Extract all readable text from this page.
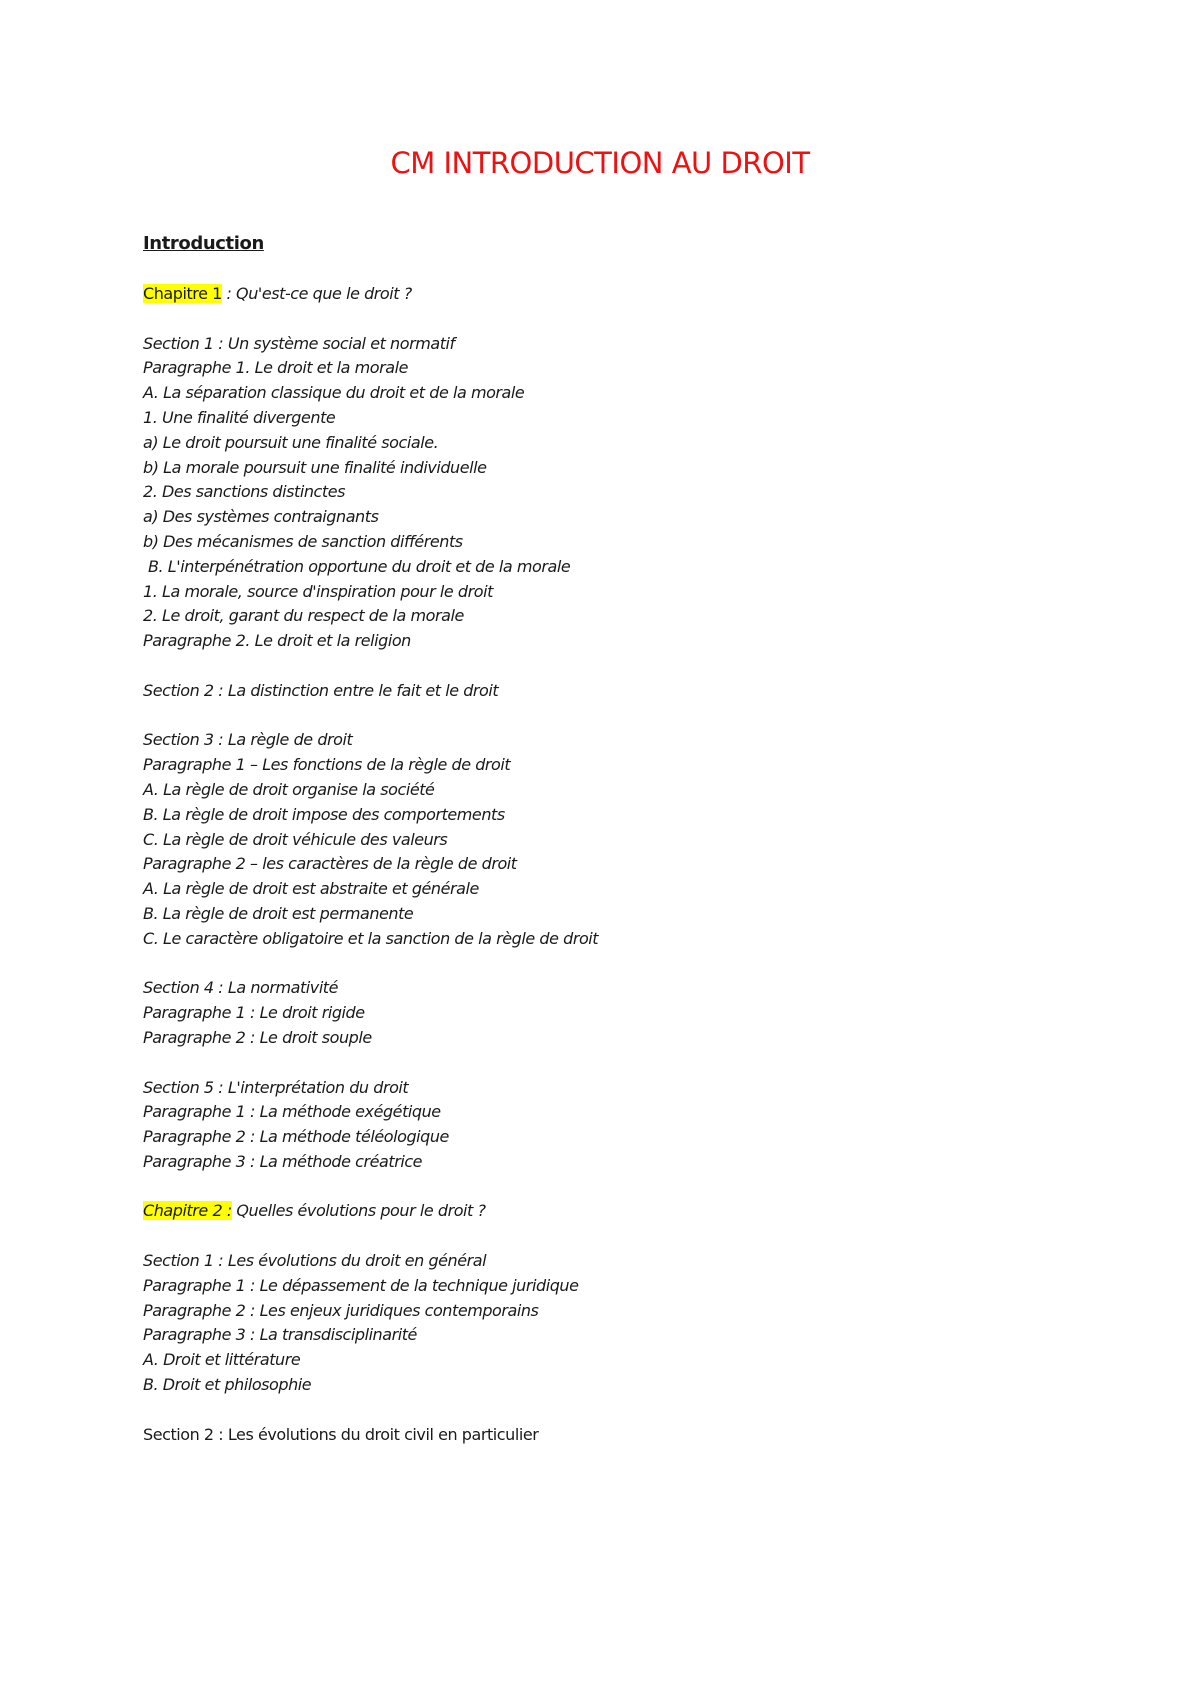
CM INTRODUCTION AU DROIT
Introduction
Chapitre 1 : Qu'est-ce que le droit ?
Section 1 : Un système social et normatif
Paragraphe 1. Le droit et la morale
A. La séparation classique du droit et de la morale
1. Une finalité divergente
a) Le droit poursuit une finalité sociale.
b) La morale poursuit une finalité individuelle
2. Des sanctions distinctes
a) Des systèmes contraignants
b) Des mécanismes de sanction différents
B. L'interpénétration opportune du droit et de la morale
1. La morale, source d'inspiration pour le droit
2. Le droit, garant du respect de la morale
Paragraphe 2. Le droit et la religion
Section 2 : La distinction entre le fait et le droit
Section 3 : La règle de droit
Paragraphe 1 – Les fonctions de la règle de droit
A. La règle de droit organise la société
B. La règle de droit impose des comportements
C. La règle de droit véhicule des valeurs
Paragraphe 2 – les caractères de la règle de droit
A. La règle de droit est abstraite et générale
B. La règle de droit est permanente
C. Le caractère obligatoire et la sanction de la règle de droit
Section 4 : La normativité
Paragraphe 1 : Le droit rigide
Paragraphe 2 : Le droit souple
Section 5 : L'interprétation du droit
Paragraphe 1 : La méthode exégétique
Paragraphe 2 : La méthode téléologique
Paragraphe 3 : La méthode créatrice
Chapitre 2 : Quelles évolutions pour le droit ?
Section 1 : Les évolutions du droit en général
Paragraphe 1 : Le dépassement de la technique juridique
Paragraphe 2 : Les enjeux juridiques contemporains
Paragraphe 3 : La transdisciplinarité
A. Droit et littérature
B. Droit et philosophie
Section 2 : Les évolutions du droit civil en particulier
